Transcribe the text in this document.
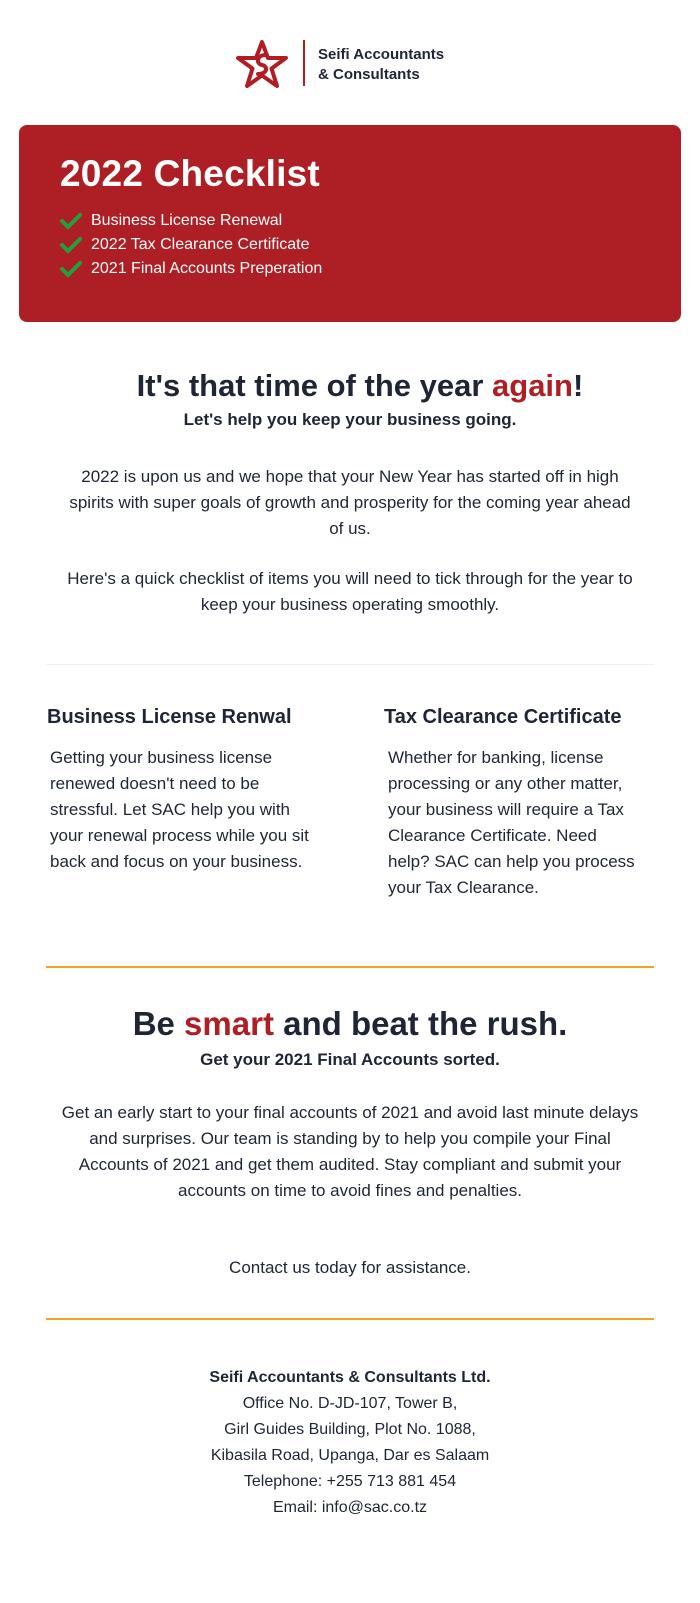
Seifi Accountants
& Consultants
2022 Checklist
Business License Renewal
2022 Tax Clearance Certificate
2021 Final Accounts Preperation
It's that time of the year again!
Let's help you keep your business going.
2022 is upon us and we hope that your New Year has started off in high spirits with super goals of growth and prosperity for the coming year ahead of us.
Here's a quick checklist of items you will need to tick through for the year to keep your business operating smoothly.
Business License Renwal
Getting your business license renewed doesn't need to be stressful. Let SAC help you with your renewal process while you sit back and focus on your business.
Tax Clearance Certificate
Whether for banking, license processing or any other matter, your business will require a Tax Clearance Certificate. Need help? SAC can help you process your Tax Clearance.
Be smart and beat the rush.
Get your 2021 Final Accounts sorted.
Get an early start to your final accounts of 2021 and avoid last minute delays and surprises. Our team is standing by to help you compile your Final Accounts of 2021 and get them audited. Stay compliant and submit your accounts on time to avoid fines and penalties.
Contact us today for assistance.
Seifi Accountants & Consultants Ltd.
Office No. D-JD-107, Tower B,
Girl Guides Building, Plot No. 1088,
Kibasila Road, Upanga, Dar es Salaam
Telephone: +255 713 881 454
Email: info@sac.co.tz
